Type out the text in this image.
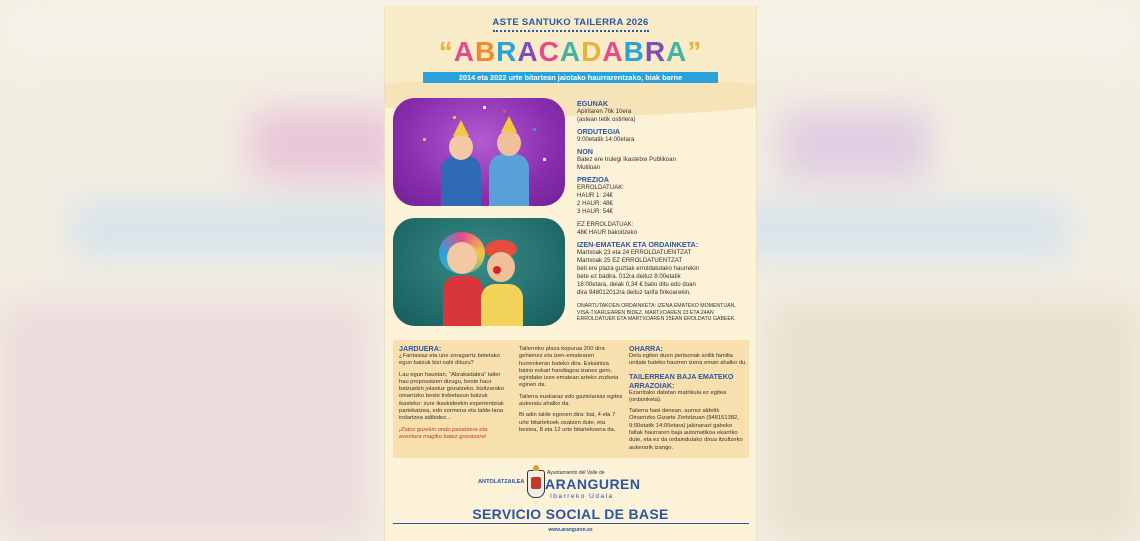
ASTE SANTUKO TAILERRA 2026
“ABRACADABRA”
2014 eta 2022 urte bitartean jaiotako haurrarentzako, biak barne
EGUNAK
Apirilaren 7tik 10era
(astean tetik ostirlera)
ORDUTEGIA
9:00etatik 14:00etara
NON
Batez ere Irulegi Ikastetxe Publikoan
Mutiloan
PREZIOA
ERROLDATUAK:
HAUR 1: 24€
2 HAUR: 48€
3 HAUR: 54€
EZ ERROLDATUAK:
48€ HAUR bakoitzeko
IZEN-EMATEAK ETA ORDAINKETA:
Martxoak 23 eta 24 ERROLDATUENTZAT
Martxoak 25 EZ ERROLDATUENTZAT
beti ere plaza guztiak erroldatutako haurrekin
bete ez badira. 012ra deituz 8:00etatik
18:00etara, deiak 0,34 € balio ditu edo doan
dira 948012012ra deituz tarifa finkoarekin.
ONARTUTAKOEN ORDAINKETA: IZENA EMATEKO MOMENTUAN,
VISA-TXARLEAREN BIDEZ. MARTXOAREN 23 ETA 24AN
ERROLDATUEK ETA MARTXOAREN 25EAN EROLDATU GABEEK.
JARDUERA:

¿Fantasiaz eta une zoragarriz betetako egun batzuk bizi nahi dituzu?

Lau egun hauetan, "Abrakadabra" tailer hau proposatzen dizugu, beste haur batzuekin jolastuz gozatzeko, bizitzarako oinarrizko beste trebetasun batzuk ikasteko: zure ikaskideekin esperientziak partekatzea, edo sormena eta talde-lana indartzea adibidez...

¡Zatoz gurekin ondo pasatzera eta aventura magiko batez gozatzera!

Tailerreko plaza kopurua 200 dira gehienez eta izen-ematearen hurrenkeran bateko dira. Eskaintza baino eskari handiagoa izanez gero, egindako izen ematean arteko zozketa eginen da.

Tailerra euskaraz edo gaztelaniaz egites aukeratu ahalko da.

Bi adin talde egonen dira: bat, 4 eta 7 urte bitartekoek osatzen dute, eta bestea, 8 eta 12 urte bitartekoena da.

OHARRA:

Dela egiten duen pertsonak soilik familia unitate bateko haurren izena eman ahalko du.

TAILERREAN BAJA EMATEKO ARRAZOIAK:

Ezarritako datetan matrikula ez egitea (ordainketa).

Tailerra hasi denean, aurrez aldetik Oinarrizko Gizarte Zerbitzuan (948151382, 9:00etatik 14:00etara) jakinarazi gabeko faltak haurraren baja automatikoa ekarriko dute, eta ez da ordaindutako dirua itzultzeko aukerarik izango.

ANTOLATZAILEA
Ayuntamiento del Valle de
ARANGUREN
Ibarreko Udala
SERVICIO SOCIAL DE BASE
www.aranguren.es
